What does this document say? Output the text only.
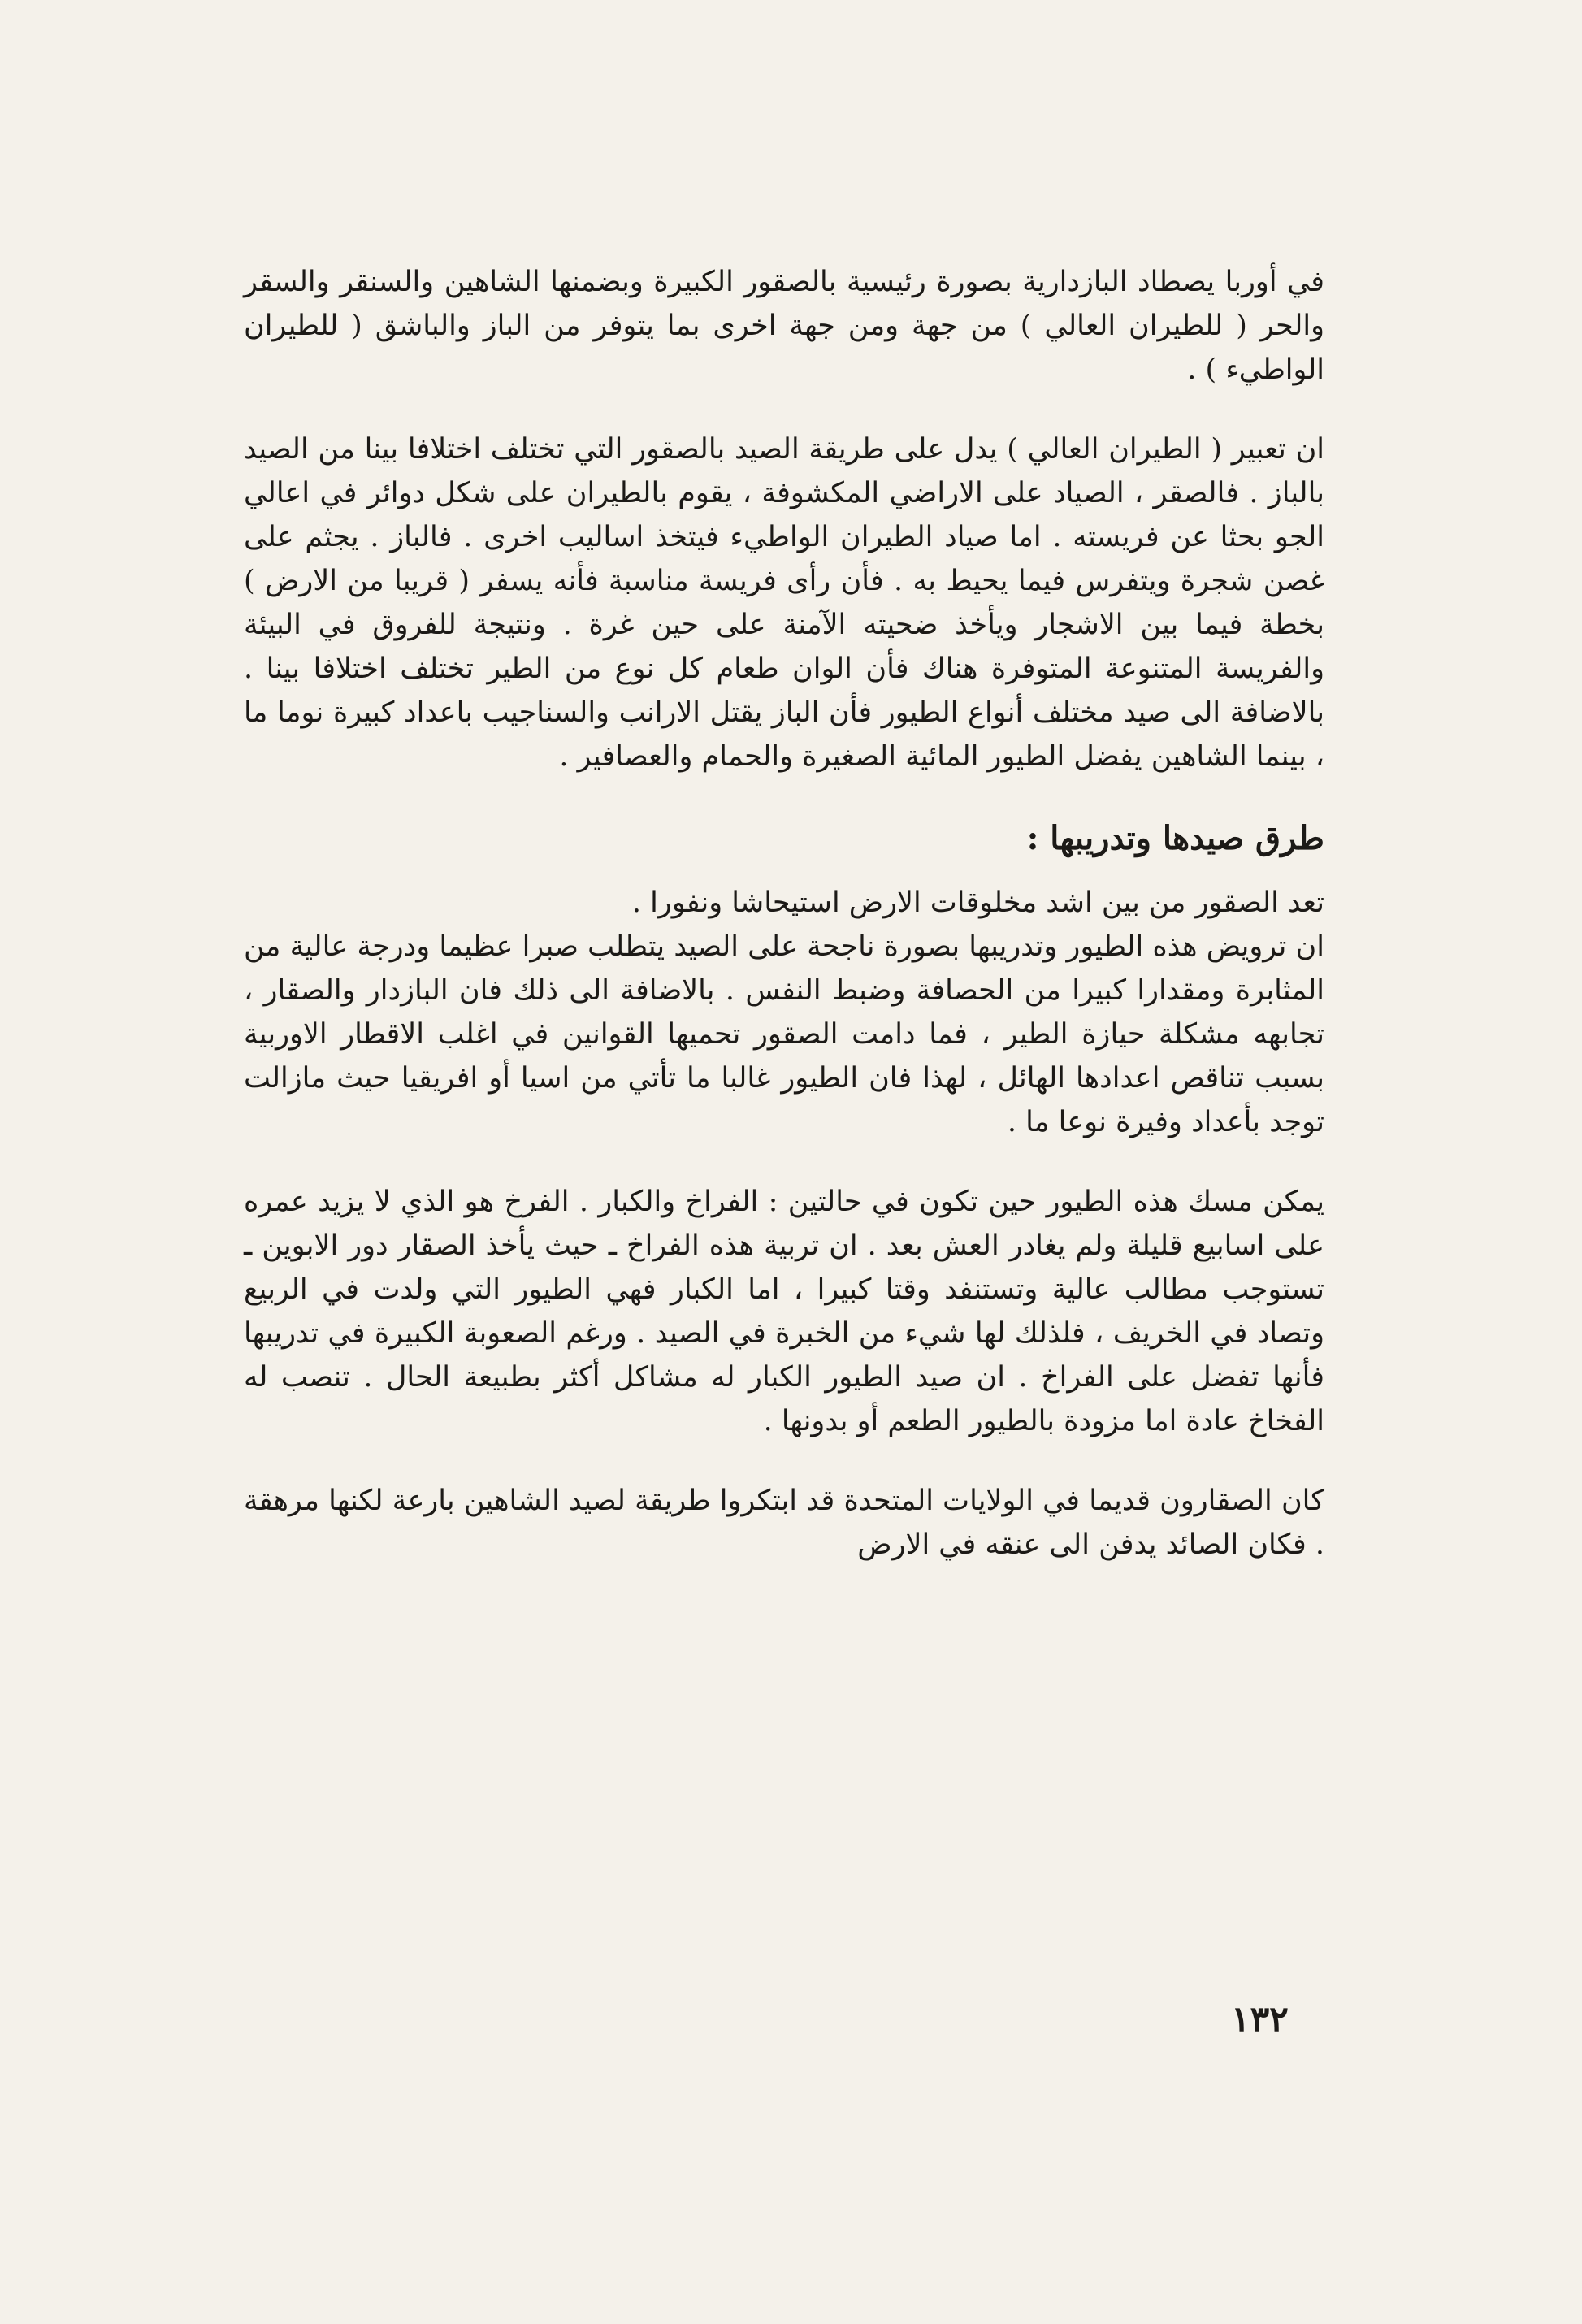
في أوربا يصطاد البازدارية بصورة رئيسية بالصقور الكبيرة وبضمنها الشاهين والسنقر والسقر والحر ( للطيران العالي ) من جهة ومن جهة اخرى بما يتوفر من الباز والباشق ( للطيران الواطيء ) .

ان تعبير ( الطيران العالي ) يدل على طريقة الصيد بالصقور التي تختلف اختلافا بينا من الصيد بالباز . فالصقر ، الصياد على الاراضي المكشوفة ، يقوم بالطيران على شكل دوائر في اعالي الجو بحثا عن فريسته . اما صياد الطيران الواطيء فيتخذ اساليب اخرى . فالباز . يجثم على غصن شجرة ويتفرس فيما يحيط به . فأن رأى فريسة مناسبة فأنه يسفر ( قريبا من الارض ) بخطة فيما بين الاشجار ويأخذ ضحيته الآمنة على حين غرة . ونتيجة للفروق في البيئة والفريسة المتنوعة المتوفرة هناك فأن الوان طعام كل نوع من الطير تختلف اختلافا بينا . بالاضافة الى صيد مختلف أنواع الطيور فأن الباز يقتل الارانب والسناجيب باعداد كبيرة نوما ما ، بينما الشاهين يفضل الطيور المائية الصغيرة والحمام والعصافير .

طرق صيدها وتدريبها :

تعد الصقور من بين اشد مخلوقات الارض استيحاشا ونفورا .

ان ترويض هذه الطيور وتدريبها بصورة ناجحة على الصيد يتطلب صبرا عظيما ودرجة عالية من المثابرة ومقدارا كبيرا من الحصافة وضبط النفس . بالاضافة الى ذلك فان البازدار والصقار ، تجابهه مشكلة حيازة الطير ، فما دامت الصقور تحميها القوانين في اغلب الاقطار الاوربية بسبب تناقص اعدادها الهائل ، لهذا فان الطيور غالبا ما تأتي من اسيا أو افريقيا حيث مازالت توجد بأعداد وفيرة نوعا ما .

يمكن مسك هذه الطيور حين تكون في حالتين : الفراخ والكبار . الفرخ هو الذي لا يزيد عمره على اسابيع قليلة ولم يغادر العش بعد . ان تربية هذه الفراخ ـ حيث يأخذ الصقار دور الابوين ـ تستوجب مطالب عالية وتستنفد وقتا كبيرا ، اما الكبار فهي الطيور التي ولدت في الربيع وتصاد في الخريف ، فلذلك لها شيء من الخبرة في الصيد . ورغم الصعوبة الكبيرة في تدريبها فأنها تفضل على الفراخ . ان صيد الطيور الكبار له مشاكل أكثر بطبيعة الحال . تنصب له الفخاخ عادة اما مزودة بالطيور الطعم أو بدونها .

كان الصقارون قديما في الولايات المتحدة قد ابتكروا طريقة لصيد الشاهين بارعة لكنها مرهقة . فكان الصائد يدفن الى عنقه في الارض

١٣٢
